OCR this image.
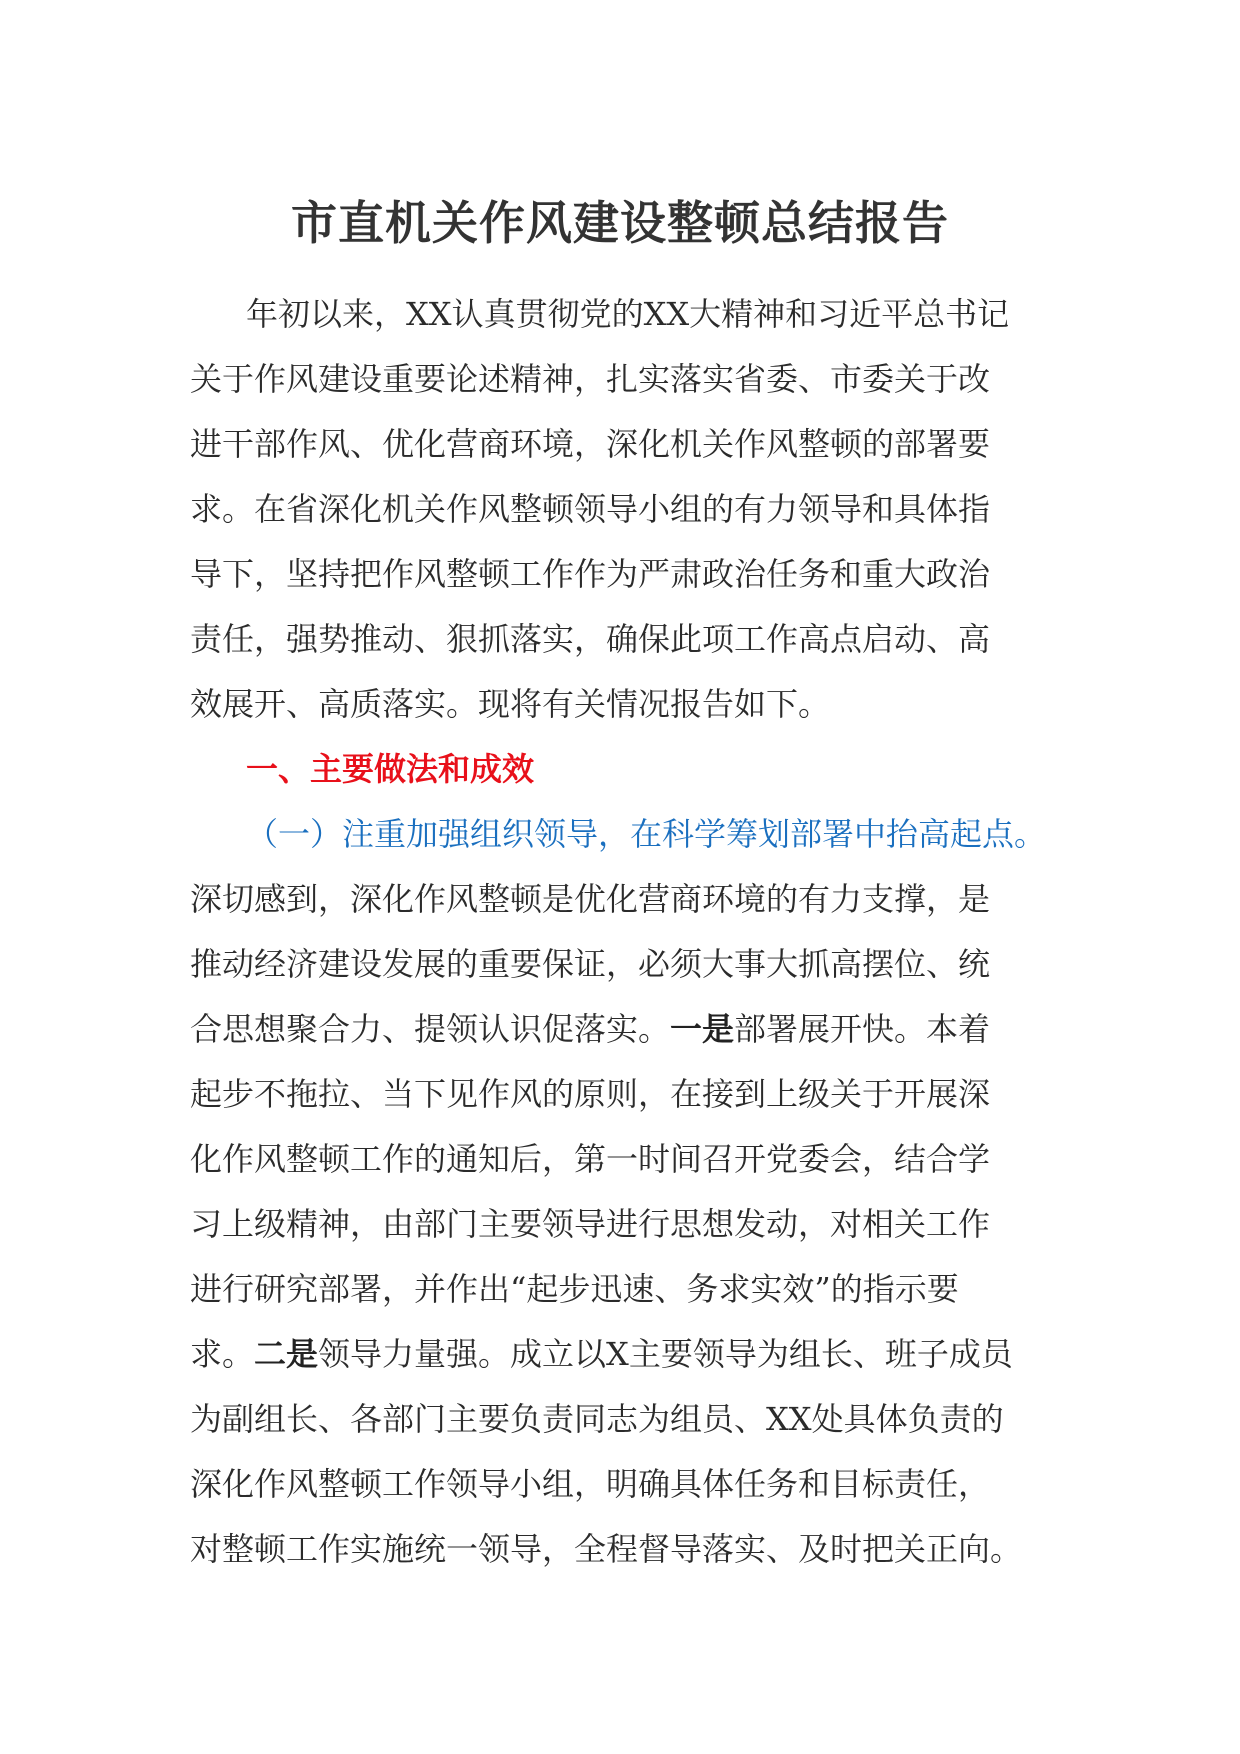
市直机关作风建设整顿总结报告
年初以来，XX认真贯彻党的XX大精神和习近平总书记
关于作风建设重要论述精神，扎实落实省委、市委关于改
进干部作风、优化营商环境，深化机关作风整顿的部署要
求。在省深化机关作风整顿领导小组的有力领导和具体指
导下，坚持把作风整顿工作作为严肃政治任务和重大政治
责任，强势推动、狠抓落实，确保此项工作高点启动、高
效展开、高质落实。现将有关情况报告如下。
一、主要做法和成效
（一）注重加强组织领导，在科学筹划部署中抬高起点。
深切感到，深化作风整顿是优化营商环境的有力支撑，是
推动经济建设发展的重要保证，必须大事大抓高摆位、统
合思想聚合力、提领认识促落实。一是部署展开快。本着
起步不拖拉、当下见作风的原则，在接到上级关于开展深
化作风整顿工作的通知后，第一时间召开党委会，结合学
习上级精神，由部门主要领导进行思想发动，对相关工作
进行研究部署，并作出“起步迅速、务求实效”的指示要
求。二是领导力量强。成立以X主要领导为组长、班子成员
为副组长、各部门主要负责同志为组员、XX处具体负责的
深化作风整顿工作领导小组，明确具体任务和目标责任，
对整顿工作实施统一领导，全程督导落实、及时把关正向。
